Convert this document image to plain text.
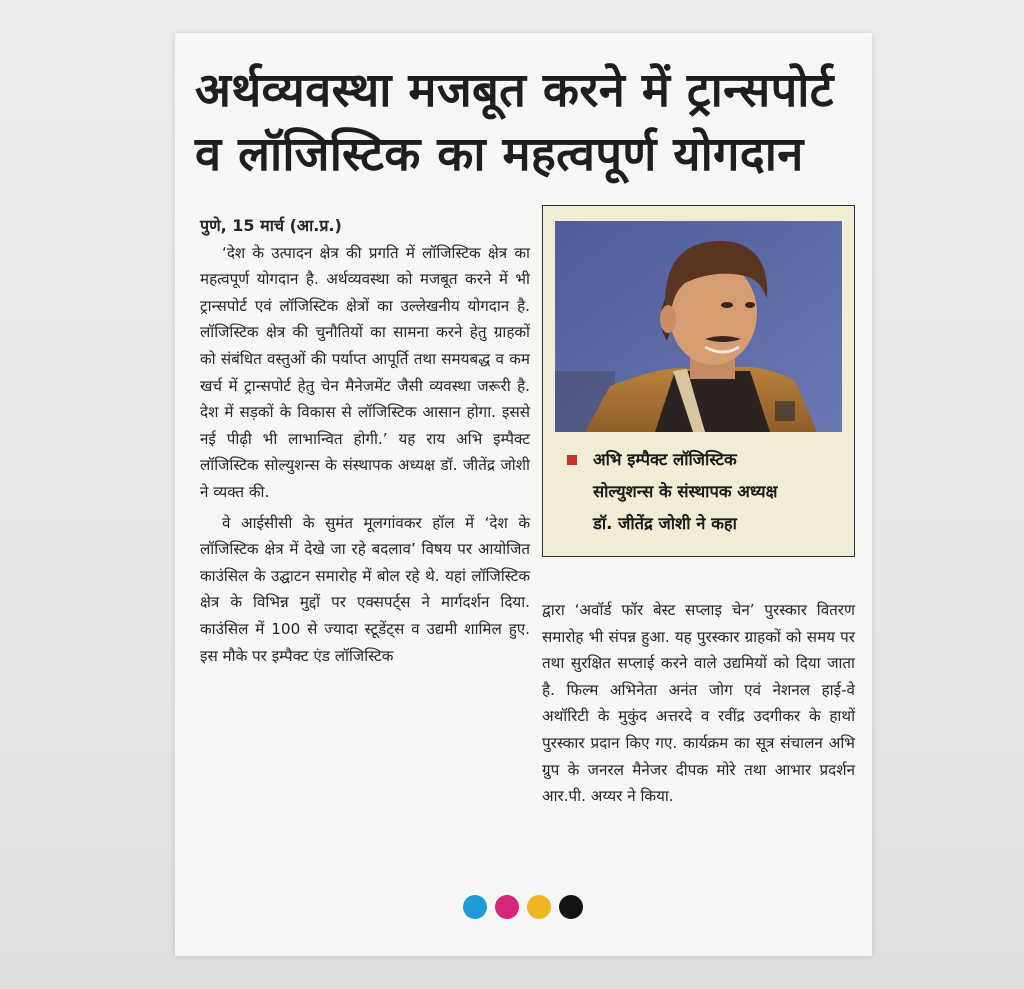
अर्थव्यवस्था मजबूत करने में ट्रान्सपोर्ट
व लॉजिस्टिक का महत्वपूर्ण योगदान
पुणे, 15 मार्च (आ.प्र.)

‘देश के उत्पादन क्षेत्र की प्रगति में लॉजिस्टिक क्षेत्र का महत्वपूर्ण योगदान है. अर्थव्यवस्था को मजबूत करने में भी ट्रान्सपोर्ट एवं लॉजिस्टिक क्षेत्रों का उल्लेखनीय योगदान है. लॉजिस्टिक क्षेत्र की चुनौतियों का सामना करने हेतु ग्राहकों को संबंधित वस्तुओं की पर्याप्त आपूर्ति तथा समयबद्ध व कम खर्च में ट्रान्सपोर्ट हेतु चेन मैनेजमेंट जैसी व्यवस्था जरूरी है. देश में सड़कों के विकास से लॉजिस्टिक आसान होगा. इससे नई पीढ़ी भी लाभान्वित होगी.’ यह राय अभि इम्पैक्ट लॉजिस्टिक सोल्युशन्स के संस्थापक अध्यक्ष डॉ. जीतेंद्र जोशी ने व्यक्त की.

वे आईसीसी के सुमंत मूलगांवकर हॉल में ‘देश के लॉजिस्टिक क्षेत्र में देखे जा रहे बदलाव’ विषय पर आयोजित काउंसिल के उद्घाटन समारोह में बोल रहे थे. यहां लॉजिस्टिक क्षेत्र के विभिन्न मुद्दों पर एक्सपर्ट्स ने मार्गदर्शन दिया. काउंसिल में 100 से ज्यादा स्टूडेंट्स व उद्यमी शामिल हुए. इस मौके पर इम्पैक्ट एंड लॉजिस्टिक

अभि इम्पैक्ट लॉजिस्टिक
सोल्युशन्स के संस्थापक अध्यक्ष
डॉ. जीतेंद्र जोशी ने कहा

द्वारा ‘अवॉर्ड फॉर बेस्ट सप्लाइ चेन’ पुरस्कार वितरण समारोह भी संपन्न हुआ. यह पुरस्कार ग्राहकों को समय पर तथा सुरक्षित सप्लाई करने वाले उद्यमियों को दिया जाता है. फिल्म अभिनेता अनंत जोग एवं नेशनल हाई-वे अथॉरिटी के मुकुंद अत्तरदे व रवींद्र उदगीकर के हाथों पुरस्कार प्रदान किए गए. कार्यक्रम का सूत्र संचालन अभि ग्रुप के जनरल मैनेजर दीपक मोरे तथा आभार प्रदर्शन आर.पी. अय्यर ने किया.
